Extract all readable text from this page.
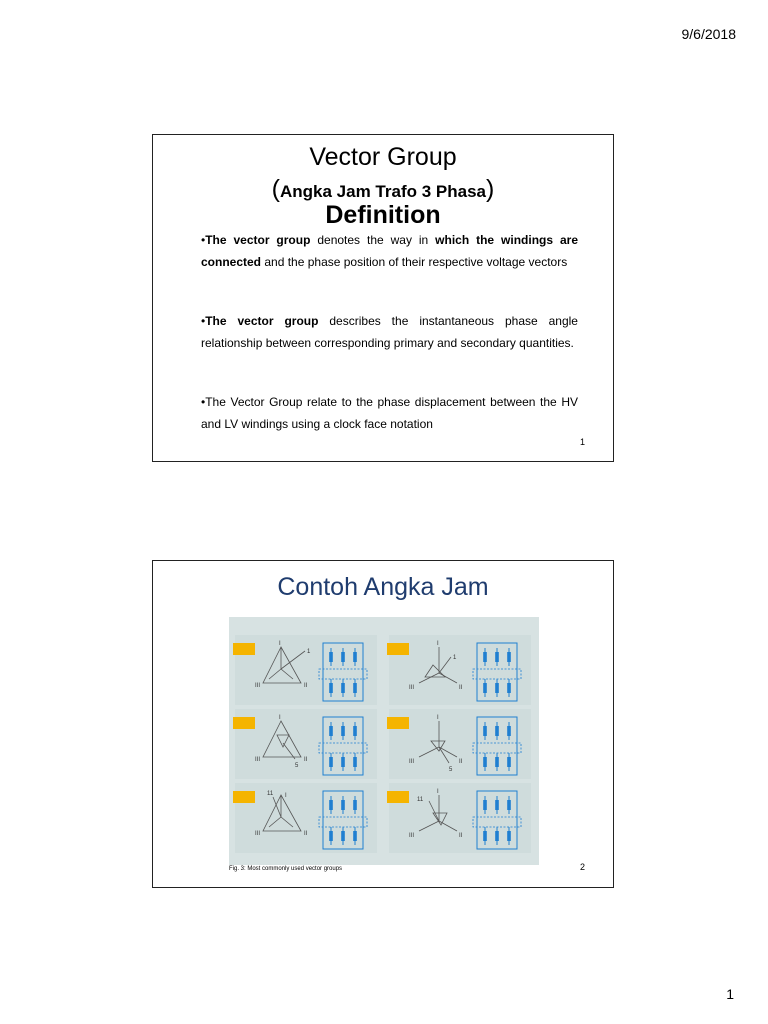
9/6/2018
Vector Group
(Angka Jam Trafo 3 Phasa)
Definition
•The vector group denotes the way in which the windings are connected and the phase position of their respective voltage vectors
•The vector group describes the instantaneous phase angle relationship between corresponding primary and secondary quantities.
•The Vector Group relate to the phase displacement between the HV and LV windings using a clock face notation
1
Contoh Angka Jam
I
1
III	II
I
1
III	II
I
5
III	II
I
5
III	II
11 I
III	II
11
I
III	II
Fig. 3: Most commonly used vector groups	2
1
